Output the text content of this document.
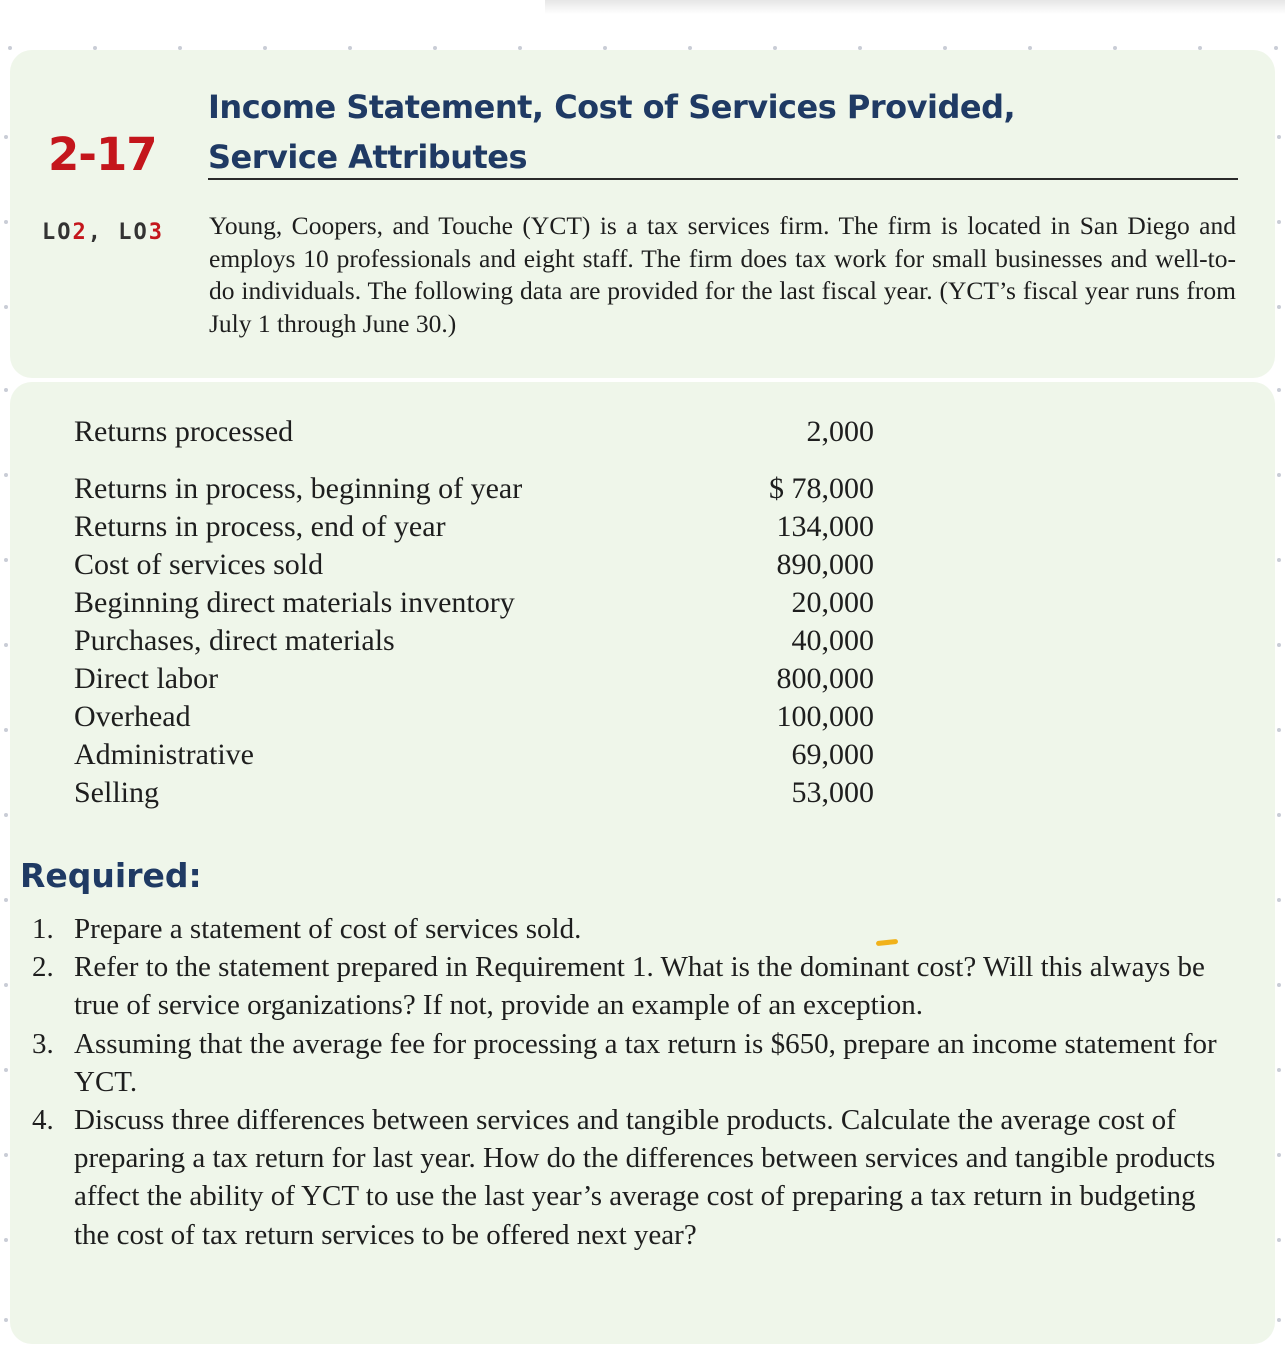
2-17
Income Statement, Cost of Services Provided,
Service Attributes
LO2, LO3 Young, Coopers, and Touche (YCT) is a tax services firm. The firm is located in San Diego and employs 10 professionals and eight staff. The firm does tax work for small businesses and well-to-do individuals. The following data are provided for the last fiscal year. (YCT’s fiscal year runs from July 1 through June 30.)

Returns processed	2,000

Returns in process, beginning of year	$ 78,000
Returns in process, end of year	134,000
Cost of services sold	890,000
Beginning direct materials inventory	20,000
Purchases, direct materials	40,000
Direct labor	800,000
Overhead	100,000
Administrative	69,000
Selling	53,000
Required:
1. Prepare a statement of cost of services sold.
2. Refer to the statement prepared in Requirement 1. What is the dominant cost? Will this always be true of service organizations? If not, provide an example of an exception.
3. Assuming that the average fee for processing a tax return is $650, prepare an income statement for YCT.
4. Discuss three differences between services and tangible products. Calculate the average cost of preparing a tax return for last year. How do the differences between services and tangible products affect the ability of YCT to use the last year’s average cost of preparing a tax return in budgeting the cost of tax return services to be offered next year?
